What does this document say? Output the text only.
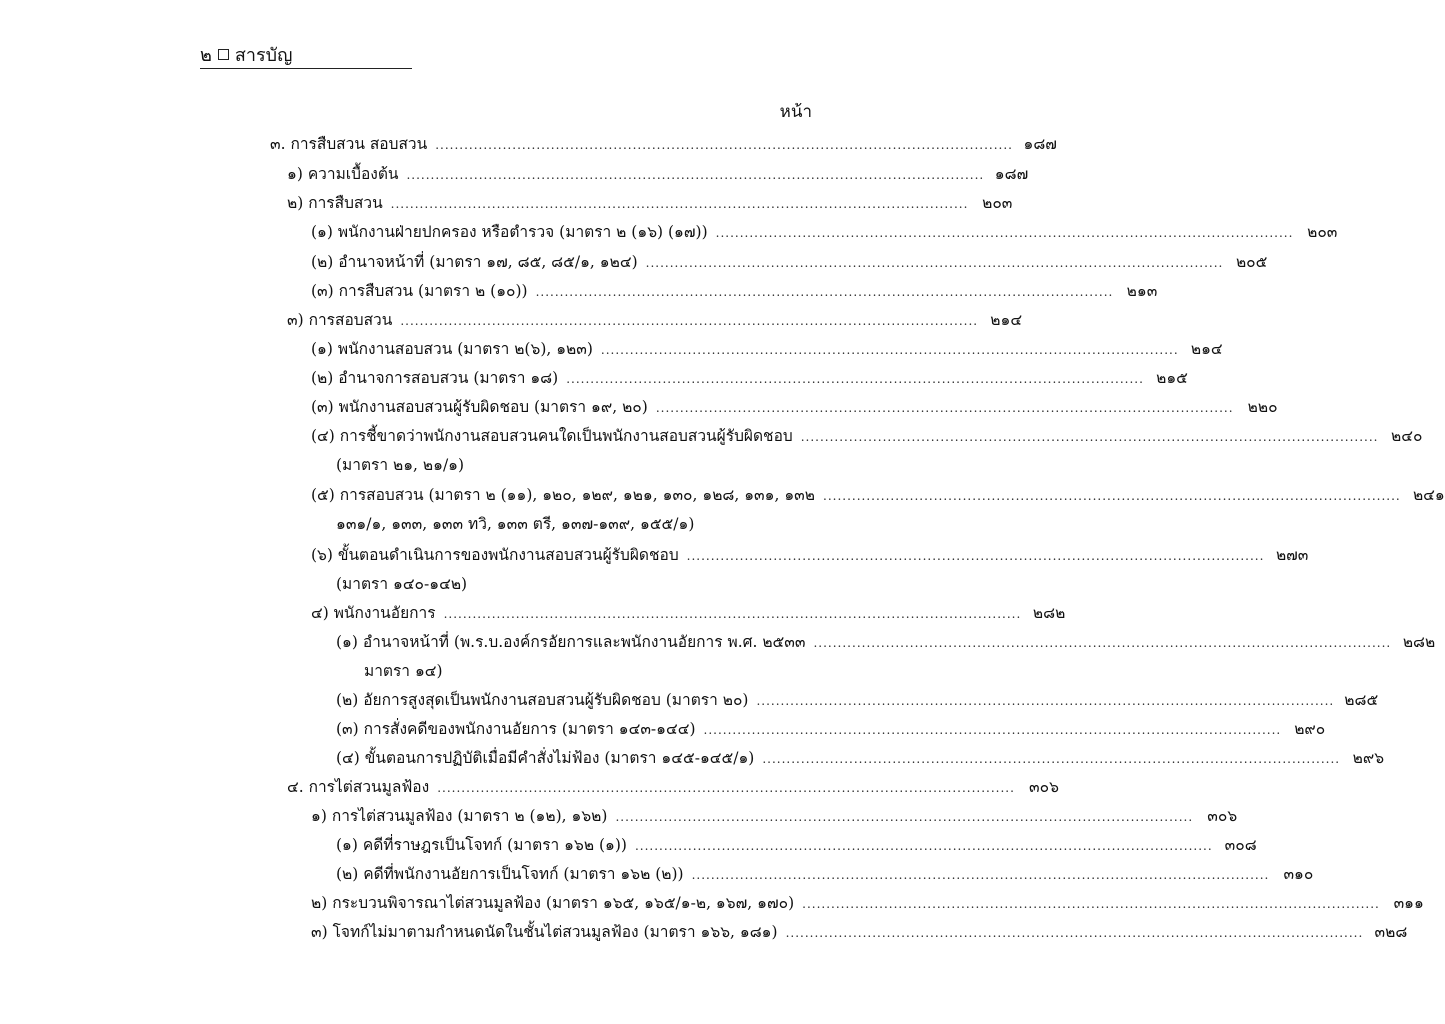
๒ สารบัญ
หน้า
๓. การสืบสวน สอบสวน ........................................................................................................................ ๑๘๗
๑) ความเบื้องต้น ........................................................................................................................ ๑๘๗
๒) การสืบสวน ........................................................................................................................ ๒๐๓
(๑) พนักงานฝ่ายปกครอง หรือตำรวจ (มาตรา ๒ (๑๖) (๑๗)) ........................................................................................................................ ๒๐๓
(๒) อำนาจหน้าที่ (มาตรา ๑๗, ๘๕, ๘๕/๑, ๑๒๔) ........................................................................................................................ ๒๐๕
(๓) การสืบสวน (มาตรา ๒ (๑๐)) ........................................................................................................................ ๒๑๓
๓) การสอบสวน ........................................................................................................................ ๒๑๔
(๑) พนักงานสอบสวน (มาตรา ๒(๖), ๑๒๓) ........................................................................................................................ ๒๑๔
(๒) อำนาจการสอบสวน (มาตรา ๑๘) ........................................................................................................................ ๒๑๕
(๓) พนักงานสอบสวนผู้รับผิดชอบ (มาตรา ๑๙, ๒๐) ........................................................................................................................ ๒๒๐
(๔) การชี้ขาดว่าพนักงานสอบสวนคนใดเป็นพนักงานสอบสวนผู้รับผิดชอบ ........................................................................................................................ ๒๔๐
(มาตรา ๒๑, ๒๑/๑)
(๕) การสอบสวน (มาตรา ๒ (๑๑), ๑๒๐, ๑๒๙, ๑๒๑, ๑๓๐, ๑๒๘, ๑๓๑, ๑๓๒ ........................................................................................................................ ๒๔๑
๑๓๑/๑, ๑๓๓, ๑๓๓ ทวิ, ๑๓๓ ตรี, ๑๓๗-๑๓๙, ๑๕๕/๑)
(๖) ขั้นตอนดำเนินการของพนักงานสอบสวนผู้รับผิดชอบ ........................................................................................................................ ๒๗๓
(มาตรา ๑๔๐-๑๔๒)
๔) พนักงานอัยการ ........................................................................................................................ ๒๘๒
(๑) อำนาจหน้าที่ (พ.ร.บ.องค์กรอัยการและพนักงานอัยการ พ.ศ. ๒๕๓๓ ........................................................................................................................ ๒๘๒
มาตรา ๑๔)
(๒) อัยการสูงสุดเป็นพนักงานสอบสวนผู้รับผิดชอบ (มาตรา ๒๐) ........................................................................................................................ ๒๘๕
(๓) การสั่งคดีของพนักงานอัยการ (มาตรา ๑๔๓-๑๔๔) ........................................................................................................................ ๒๙๐
(๔) ขั้นตอนการปฏิบัติเมื่อมีคำสั่งไม่ฟ้อง (มาตรา ๑๔๕-๑๔๕/๑) ........................................................................................................................ ๒๙๖
๔. การไต่สวนมูลฟ้อง ........................................................................................................................ ๓๐๖
๑) การไต่สวนมูลฟ้อง (มาตรา ๒ (๑๒), ๑๖๒) ........................................................................................................................ ๓๐๖
(๑) คดีที่ราษฎรเป็นโจทก์ (มาตรา ๑๖๒ (๑)) ........................................................................................................................ ๓๐๘
(๒) คดีที่พนักงานอัยการเป็นโจทก์ (มาตรา ๑๖๒ (๒)) ........................................................................................................................ ๓๑๐
๒) กระบวนพิจารณาไต่สวนมูลฟ้อง (มาตรา ๑๖๕, ๑๖๕/๑-๒, ๑๖๗, ๑๗๐) ........................................................................................................................ ๓๑๑
๓) โจทก์ไม่มาตามกำหนดนัดในชั้นไต่สวนมูลฟ้อง (มาตรา ๑๖๖, ๑๘๑) ........................................................................................................................ ๓๒๘
